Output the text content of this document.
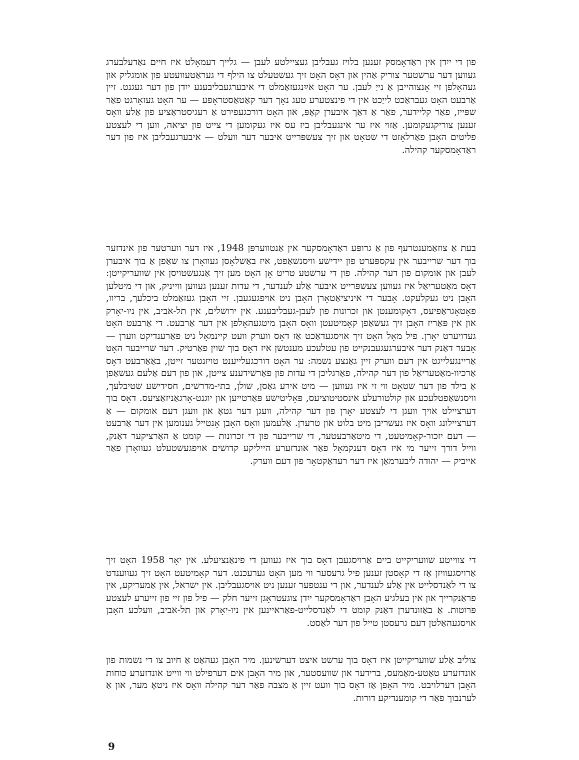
פון די ייִדן אין ראַדאָמסק זענען בלויז געבליבן געציילטע לעבן — גלייך דעמאָלט איז חיים נאַדעלבערג געווען דער ערשטער צוריק אַהין און דאָס האָט זיך געשטעלט צו הילף די געראַטעוועטע פון אומגליק און געהאָלפן זיי אָנצוהייבן אַ נייַ לעבן. ער האָט אײַנגעזאַמלט די איבערגעבליבענע ייִדן פון דער געגנט. זיין אַרבעט האָט געבראַכט לייַכט אין די פינצטערע טעג נאָך דער קאַטאַסטראָפע — ער האָט געזאָרגט פאַר שפּייז, פאַר קליידער, פאַר אַ דאַך איבערן קאָפּ, און האָט דורכגעפירט אַ רעגיסטראַציע פון אַלע וואָס זענען צוריקגעקומען. אַזוי איז ער אינגעבליבן ביז עס איז געקומען די צייט פון יציאה, ווען די לעצטע פליטים האָבן פאַרלאָזט די שטאָט און זיך צעשפּרייט איבער דער וועלט — איבערגעבליבן איז פון דער ראַדאָמסקער קהילה.

בעת אַ צוזאַמענטרעף פון אַ גרופּע ראַדאָמסקער אין אַנטווערפּן 1948, איז דער ווערטער פון אינדזער בוך דער שרייבער אין עקספּערט פון יידישע וויסנשאַפט, איז באַשלאָסן געוואָרן צו שאַפן אַ בוך איבערן לעבן און אומקום פון דער קהילה. פון די ערשטע טריט אָן האָט מען זיך אַנגעשטויסן אין שוועריקייטן: דאָס מאַטעריאַל איז געווען צעשפּרייט איבער אַלע לענדער, די עדות זענען געווען ווייניק, און די מיטלען האָבן ניט געקלעקט. אָבער די איניציאַטאָרן האָבן ניט אויפגעגעבן. זיי האָבן געזאַמלט ביכלעך, בריוו, פאָטאָגראַפיעס, דאָקומענטן און זכרונות פון לעבן-געבליבענע. אין ירושלים, אין תל-אביב, אין ניו-יאָרק און אין פּאַריז האָבן זיך געשאַפן קאָמיטעטן וואָס האָבן מיטגעהאָלפן אין דער אַרבעט. די אַרבעט האָט געדויערט יאָרן. פיל מאָל האָט זיך אויסגעדאַכט אַז דאָס ווערק וועט קיינמאָל ניט פאַרענדיקט ווערן — אָבער דאַנק דער איבערגעגעבנקייט פון עטלעכע מענטשן איז דאָס בוך שוין פאַרטיק. דער שרייבער האָט אַריינגעלייגט אין דעם ווערק זיין גאַנצע נשמה: ער האָט דורכגעלייענט טויזנטער זייטן, באַאַרבעט דאָס אַרכיוו-מאַטעריאַל פון דער קהילה, פאַרגליכן די עדות פון פאַרשידענע צייטן, און פון דעם אַלעם געשאַפן אַ בילד פון דער שטאָט ווי זי איז געווען — מיט אירע גאַסן, שולן, בתי-מדרשים, חסידישע שטיבלעך, וויסנשאַפטלעכע און קולטורעלע אינסטיטוציעס, פּאָליטישע פּאַרטייען און יוגנט-אָרגאַניזאַציעס. דאָס בוך דערציילט אויך וועגן די לעצטע יאָרן פון דער קהילה, וועגן דער גטאָ און וועגן דעם אומקום — אַ דערציילונג וואָס איז געשריבן מיט בלוט און טרערן. אַלעמען וואָס האָבן אָנטייל גענומען אין דער אַרבעט — דעם יזכור-קאָמיטעט, די מיטאַרבעטער, די שרייבער פון די זכרונות — קומט אַ האַרציקער דאַנק, ווייל דורך זייער מי איז דאָס דענקמאָל פאַר אונדזערע הייליקע קדושים אויפגעשטעלט געוואָרן פאַר אייביק — יהודה ליבערמאַן איז דער רעדאַקטאָר פון דעם ווערק.

די צווייטע שוועריקייט ביים אַרויסגעבן דאָס בוך איז געווען די פינאַנציעלע. אין יאָר 1958 האָט זיך אַרויסגעוויזן אַז די קאָסטן זענען פיל גרעסער ווי מען האָט גערעכנט. דער קאָמיטעט האָט זיך געווענדט צו די לאַנדסלייט אין אַלע לענדער, און די ענטפער זענען ניט אויסגעבליבן. אין ישראל, אין אַמעריקע, אין פראַנקרייך און אין בעלגיע האָבן ראַדאָמסקער ייִדן צוגעטראָגן זייער חלק — פיל פון זיי פון זייערע לעצטע פּרוטות. אַ באַזונדערן דאַנק קומט די לאַנדסלייט-פאַראיינען אין ניו-יאָרק און תל-אביב, וועלכע האָבן אויסגעהאַלטן דעם גרעסטן טייל פון דער לאַסט.

צוליב אַלע שוועריקייטן איז דאָס בוך ערשט איצט דערשינען. מיר האָבן געהאַט אַ חיוב צו די נשמות פון אונדזערע טאַטע-מאַמעס, ברידער און שוועסטער, און מיר האָבן אים דערפילט ווי ווייט אונדזערע כוחות האָבן דערלויבט. מיר האָפן אַז דאָס בוך וועט זיין אַ מצבה פאַר דער קהילה וואָס איז ניטאָ מער, און אַ לערנבוך פאַר די קומענדיקע דורות.

9
